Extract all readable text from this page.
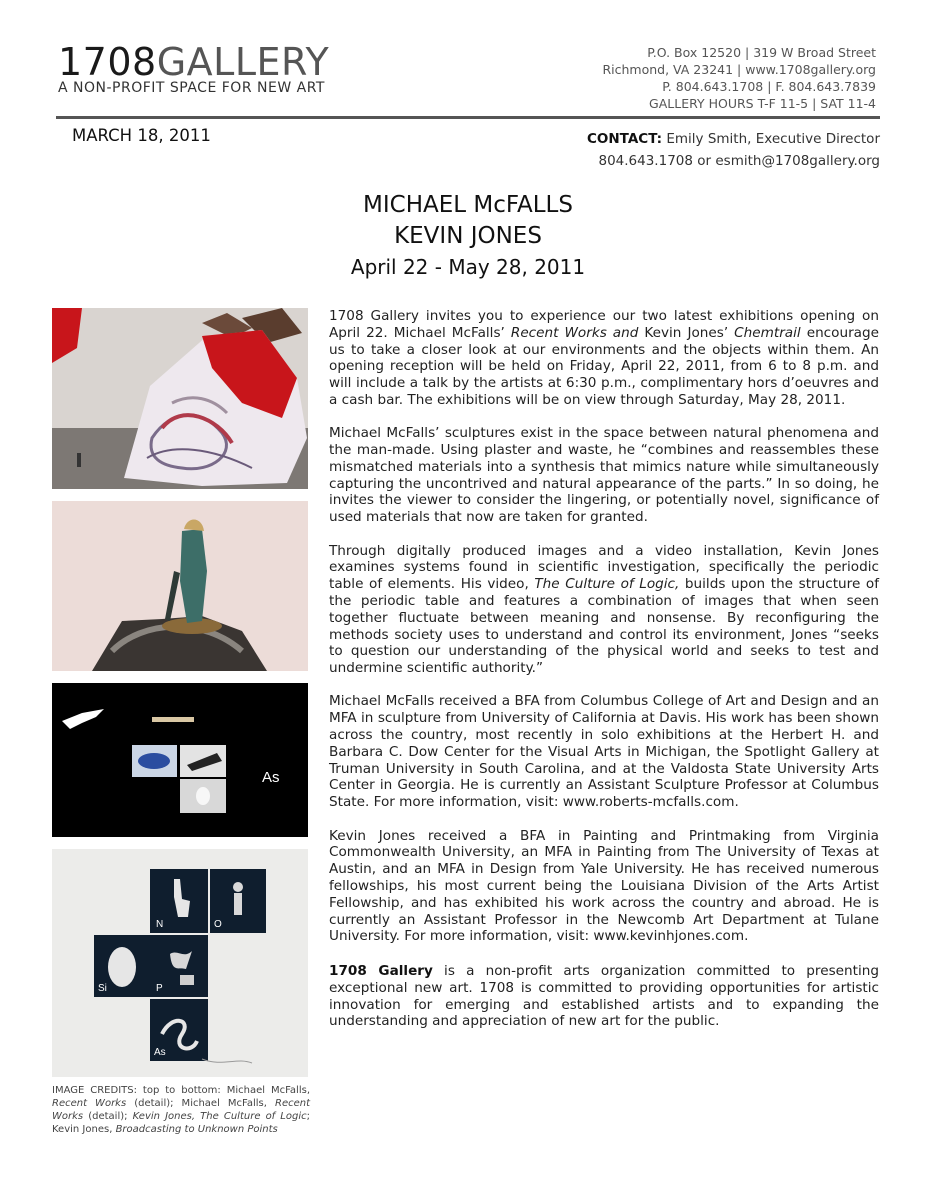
1708GALLERY
A NON-PROFIT SPACE FOR NEW ART
P.O. Box 12520 | 319 W Broad Street
Richmond, VA 23241 | www.1708gallery.org
P. 804.643.1708 | F. 804.643.7839
GALLERY HOURS T-F 11-5 | SAT 11-4
MARCH 18, 2011	CONTACT: Emily Smith, Executive Director
804.643.1708 or esmith@1708gallery.org
MICHAEL McFALLS
KEVIN JONES
April 22 - May 28, 2011
As
N	O
Si	P
As
IMAGE CREDITS: top to bottom: Michael McFalls, Recent Works (detail); Michael McFalls, Recent Works (detail); Kevin Jones, The Culture of Logic; Kevin Jones, Broadcasting to Unknown Points

1708 Gallery invites you to experience our two latest exhibitions opening on April 22. Michael McFalls’ Recent Works and Kevin Jones’ Chemtrail encourage us to take a closer look at our environments and the objects within them. An opening reception will be held on Friday, April 22, 2011, from 6 to 8 p.m. and will include a talk by the artists at 6:30 p.m., complimentary hors d’oeuvres and a cash bar. The exhibitions will be on view through Saturday, May 28, 2011.

Michael McFalls’ sculptures exist in the space between natural phenomena and the man-made. Using plaster and waste, he “combines and reassembles these mismatched materials into a synthesis that mimics nature while simultaneously capturing the uncontrived and natural appearance of the parts.” In so doing, he invites the viewer to consider the lingering, or potentially novel, significance of used materials that now are taken for granted.

Through digitally produced images and a video installation, Kevin Jones examines systems found in scientific investigation, specifically the periodic table of elements. His video, The Culture of Logic, builds upon the structure of the periodic table and features a combination of images that when seen together fluctuate between meaning and nonsense. By reconfiguring the methods society uses to understand and control its environment, Jones “seeks to question our understanding of the physical world and seeks to test and undermine scientific authority.”

Michael McFalls received a BFA from Columbus College of Art and Design and an MFA in sculpture from University of California at Davis. His work has been shown across the country, most recently in solo exhibitions at the Herbert H. and Barbara C. Dow Center for the Visual Arts in Michigan, the Spotlight Gallery at Truman University in South Carolina, and at the Valdosta State University Arts Center in Georgia. He is currently an Assistant Sculpture Professor at Columbus State. For more information, visit: www.roberts-mcfalls.com.

Kevin Jones received a BFA in Painting and Printmaking from Virginia Commonwealth University, an MFA in Painting from The University of Texas at Austin, and an MFA in Design from Yale University. He has received numerous fellowships, his most current being the Louisiana Division of the Arts Artist Fellowship, and has exhibited his work across the country and abroad. He is currently an Assistant Professor in the Newcomb Art Department at Tulane University. For more information, visit: www.kevinhjones.com.

1708 Gallery is a non-profit arts organization committed to presenting exceptional new art. 1708 is committed to providing opportunities for artistic innovation for emerging and established artists and to expanding the understanding and appreciation of new art for the public.
